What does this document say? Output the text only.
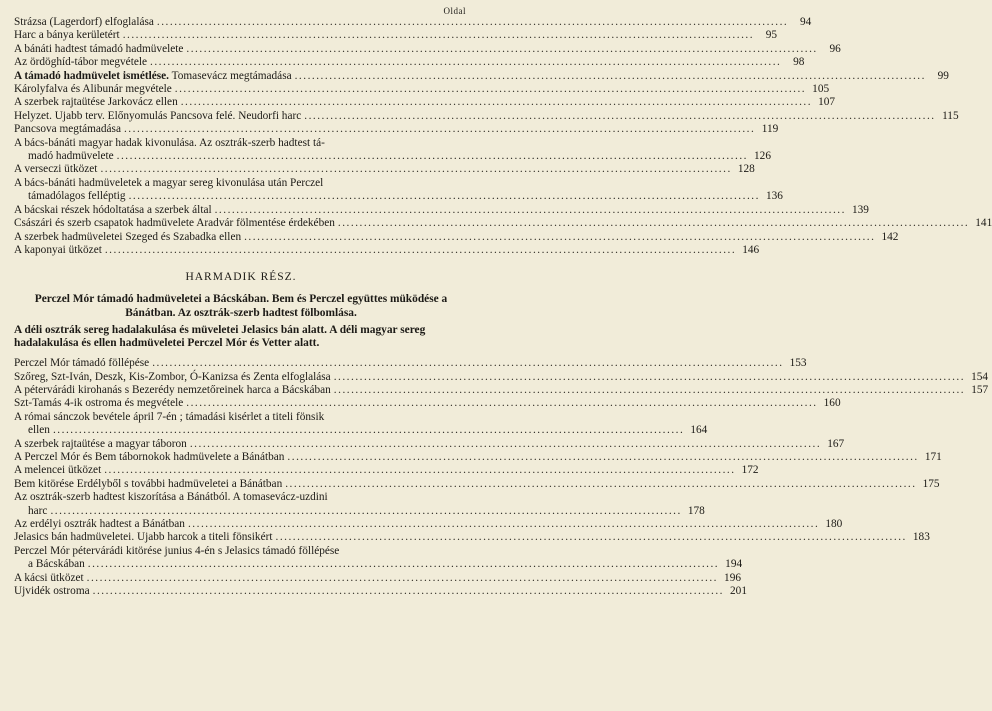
Oldal
Strázsa (Lagerdorf) elfoglalása .....	94
Harc a bánya kerületért .....	95
A bánáti hadtest támadó hadmüvelete .....	96
Az ördöghíd-tábor megvétele .....	98
A támadó hadmüvelet ismétlése. Tomasevácz megtámadása .....	99
Károlyfalva és Alibunár megvétele .....	105
A szerbek rajtaütése Jarkovácz ellen .....	107
Helyzet. Ujabb terv. Előnyomulás Pancsova felé. Neudorfi harc .....	115
Pancsova megtámadása .....	119
A bács-bánáti magyar hadak kivonulása. Az osztrák-szerb hadtest tá-
madó hadmüvelete .....	126
A verseczi ütközet .....	128
A bács-bánáti hadmüveletek a magyar sereg kivonulása után Perczel
támadólagos felléptig .....	136
A bácskai részek hódoltatása a szerbek által .....	139
Császári és szerb csapatok hadmüvelete Aradvár fölmentése érdekében .....	141
A szerbek hadmüveletei Szeged és Szabadka ellen .....	142
A kaponyai ütközet .....	146
HARMADIK RÉSZ.
Perczel Mór támadó hadmüveletei a Bácskában. Bem és Perczel együttes müködése a Bánátban. Az osztrák-szerb hadtest fölbomlása.
A déli osztrák sereg hadalakulása és müveletei Jelasics bán alatt. A déli magyar sereg hadalakulása és ellen hadmüveletei Perczel Mór és Vetter alatt.
Perczel Mór támadó föllépése .....	153
Szőreg, Szt-Iván, Deszk, Kis-Zombor, Ó-Kanizsa és Zenta elfoglalása .....	154
A pétervárádi kirohanás s Bezerédy nemzetőreinek harca a Bácskában .....	157
Szt-Tamás 4-ik ostroma és megvétele .....	160
A római sánczok bevétele ápril 7-én ; támadási kisérlet a titeli fönsik
ellen .....	164
A szerbek rajtaütése a magyar táboron .....	167
A Perczel Mór és Bem tábornokok hadmüvelete a Bánátban .....	171
A melencei ütközet .....	172
Bem kitörése Erdélyből s további hadmüveletei a Bánátban .....	175
Az osztrák-szerb hadtest kiszorítása a Bánátból. A tomasevácz-uzdini
harc .....	178
Az erdélyi osztrák hadtest a Bánátban .....	180
Jelasics bán hadmüveletei. Ujabb harcok a titeli fönsikért .....	183
Perczel Mór pétervárádi kitörése junius 4-én s Jelasics támadó föllépése
a Bácskában .....	194
A kácsi ütközet .....	196
Ujvidék ostroma .....	201
